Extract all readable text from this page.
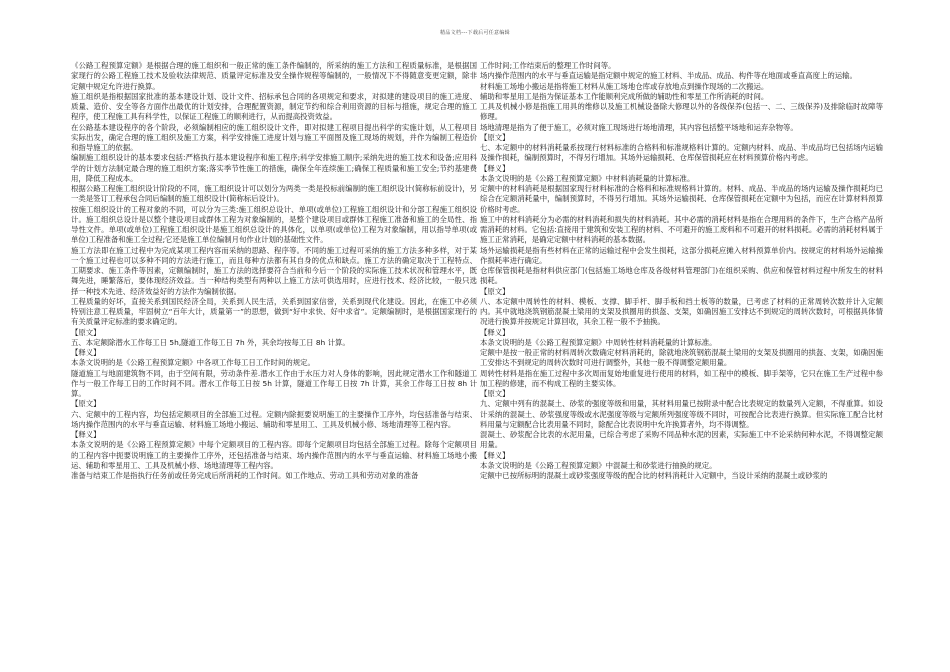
精品文档---下载后可任意编辑

《公路工程预算定额》是根据合理的施工组织和一般正常的施工条件编制的，所采纳的施工方法和工程质量标准，是根据国家现行的公路工程施工技术及验收法律规范、质量评定标准及安全操作规程等编制的，一般情况下不得随意变更定额，除非定额中规定允许进行换算。

施工组织是指根据国家批准的基本建设计划、设计文件、招标承包合同的各项规定和要求，对拟建的建设项目的施工进度、质量、造价、安全等各方面作出最优的计划安排，合理配置资源，制定节约和综合利用资源的目标与措施，规定合理的施工程序，使工程施工具有科学性，以保证工程施工的顺利进行，从而提高投资效益。

在公路基本建设程序的各个阶段，必须编制相应的施工组织设计文件，即对拟建工程项目提出科学的实施计划，从工程项目实际出发，确定合理的施工组织及施工方案，科学安排施工进度计划与施工平面图及施工现场的规划，并作为编制工程造价和指导施工的依据。

编制施工组织设计的基本要求包括:严格执行基本建设程序和施工程序;科学安排施工顺序;采纳先进的施工技术和设备;应用科学的计划方法制定最合理的施工组织方案;落实季节性施工的措施，确保全年连续施工;确保工程质量和施工安全;节约基建费用，降低工程成本。

根据公路工程施工组织设计阶段的不同，施工组织设计可以划分为两类一类是投标前编制的施工组织设计(简称标前设计)，另一类是签订工程承包合同后编制的施工组织设计(简称标后设计)。

按施工组织设计的工程对象的不同，可以分为三类:施工组织总设计、单项(或单位)工程施工组织设计和分部工程施工组织设计。施工组织总设计是以整个建设项目或群体工程为对象编制的，是整个建设项目或群体工程施工准备和施工的全局性、指导性文件。单项(或单位)工程施工组织设计是施工组织总设计的具体化，以单项(或单位)工程为对象编制，用以指导单项(或单位)工程准备和施工全过程;它还是施工单位编制月旬作业计划的基础性文件。

施工方法即在施工过程中为完成某项工程内容而采纳的思路、程序等。不同的施工过程可采纳的施工方法多种多样，对于某一个施工过程也可以多种不同的方法进行施工，而且每种方法都有其自身的优点和缺点。施工方法的确定取决于工程特点、工期要求、施工条件等因素，定额编制时，施工方法的选择要符合当前和今后一个阶段的实际施工技术状况和管理水平，既舞先进，睡繁落后，要体现经济效益。当一种结构类型有两种以上施工方法可供选用时，应进行技术、经济比较，一般只选择一种技术先进、经济效益好的方法作为编制依据。

工程质量的好坏，直接关系到国民经济全局，关系到人民生活，关系到国家信誉，关系到现代化建设。因此，在施工中必须特别注意工程质量，牢固树立“百年大计，质量第一”的思想，做到“好中求快、好中求省”。定额编制时，是根据国家现行的有关质量评定标准的要求确定的。

【原文】

五、本定额除潜水工作每工日 5h,隧道工作每工日 7h 外，其余均按每工日 8h 计算。

【释义】

本条文说明的是《公路工程预算定额》中各项工作每工日工作时间的规定。

隧道施工与地面建筑物不同，由于空间有限，劳动条件差.潜水工作由于水压力对人身体的影响，因此规定潜水工作和隧道工作与一般工作每工日的工作时间不同。潜水工作每工日按 5h 计算，隧道工作每工日按 7h 计算，其余工作每工日按 8h 计算。

【原文】

六、定额中的工程内容，均包括定额项目的全部施工过程。定额内除扼要说明施工的主要操作工序外，均包括准备与结束、场内操作范围内的水平与垂直运输、材料施工场地小搬运、辅助和零星用工、工具及机械小修、场地清理等工程内容。

【释义】

本条文说明的是《公路工程预算定额》中每个定额项目的工程内容。即每个定额项目均包括全部施工过程。除每个定额项目的工程内容中扼要说明施工的主要操作工序外，还包括准备与结束、场内操作范围内的水平与垂直运输、材料施工场地小搬运、辅助和零星用工、工具及机械小修、场地清理等工程内容。

准备与结束工作是指执行任务前或任务完成后所消耗的工作时间。如工作地点、劳动工具和劳动对象的准备

工作时间;工作结束后的整理工作时间等。

场内操作范围内的水平与垂直运输是指定额中规定的施工材料、半成品、成品、构件等在地面或垂直高度上的运输。

材料施工场地小搬运是指将施工材料从施工场地仓库或存放地点到操作现场的二次搬运。

辅助和零星用工是指为保证基本工作能顺利完成所做的辅助性和零星工作所消耗的时间。

工具及机械小修是指施工用具的维修以及施工机械设备除大修理以外的各级保养(包括一、二、三级保养)及排除临时故障等修理。

场地清理是指为了便于施工，必须对施工现场进行场地清理，其内容包括整平场地和运弃杂物等。

【原文】

七、本定额中的材料消耗量系按现行材料标准的合格料和标准规格料计算的。定额内材料、成品、半成品均已包括场内运输及操作损耗，编制预算时，不得另行增加。其场外运输损耗、仓库保管损耗应在材料预算价格内考虑。

【释义】

本条文说明的是《公路工程预算定额》中材料消耗量的计算标准。

定额中的材料消耗是根据国家现行材料标准的合格料和标准规格料计算的。材料、成品、半成品的场内运输及操作损耗均已综合在定额消耗量中，编制预算时，不得另行增加。其场外运输损耗、仓库保管损耗在定额中为包括，而应在计算材料预算价格时考虑。

施工中的材料消耗分为必需的材料消耗和损失的材料消耗。其中必需的消耗材料是指在合理用料的条件下，生产合格产品所需消耗的材料。它包括:直接用于建筑和安装工程的材料、不可避开的施工废料和不可避开的材料损耗。必需的消耗材料属于施工正常消耗，是确定定额中材料消耗的基本数据。

场外运输损耗是指有些材料在正常的运输过程中会发生损耗，这部分损耗应摊入材料预算单价内。按规定的材料场外运输操作损耗率进行确定。

仓库保管损耗是指材料供应部门(包括施工场地仓库及各级材料管理部门)在组织采购、供应和保管材料过程中所发生的材料损耗。

【原文】

八、本定额中周转性的材料、模板、支撑、脚手杆、脚手板和挡土板等的数量，已考虑了材料的正常周转次数并计入定额内。其中就地浇筑钢筋混凝土梁用的支架及拱圈用的拱盔、支架，如确因施工安排达不到规定的周转次数时，可根据具体情况进行换算并按规定计算回收，其余工程一般不予抽换。

【释义】

本条文说明的是《公路工程预算定额》中周转性材料消耗量的计算标准。

定额中是按一般正常的材料周转次数确定材料消耗的，除就地浇筑钢筋混凝土梁用的支架及拱圈用的拱盔、支架，如确因施工安排达不到规定的周转次数时可进行调整外，其他一般不得调整定额用量。

周转性材料是指在施工过程中多次周而复始地重复进行使用的材料，如工程中的模板、脚手架等，它只在施工生产过程中参加工程的修建，而不构成工程的主要实体。

【原文】

九、定额中列有的混凝土、砂浆的强度等级和用量，其材料用量已按附录中配合比表规定的数量列入定额，不得重算。如设计采纳的混凝土、砂浆强度等级或水泥强度等级与定额所列强度等级不同时，可按配合比表进行换算。但实际施工配合比材料用量与定额配合比表用量不同时，除配合比表说明中允许换算者外，均不得调整。

混凝土、砂浆配合比表的水泥用量，已综合考虑了采购不同品种水泥的因素，实际施工中不论采纳何种水泥，不得调整定额用量。

【释义】

本条文说明的是《公路工程预算定额》中混凝土和砂浆进行抽换的规定。

定额中已按所标明的混凝土或砂浆强度等级的配合比的材料消耗计入定额中，当设计采纳的混凝土或砂浆的
